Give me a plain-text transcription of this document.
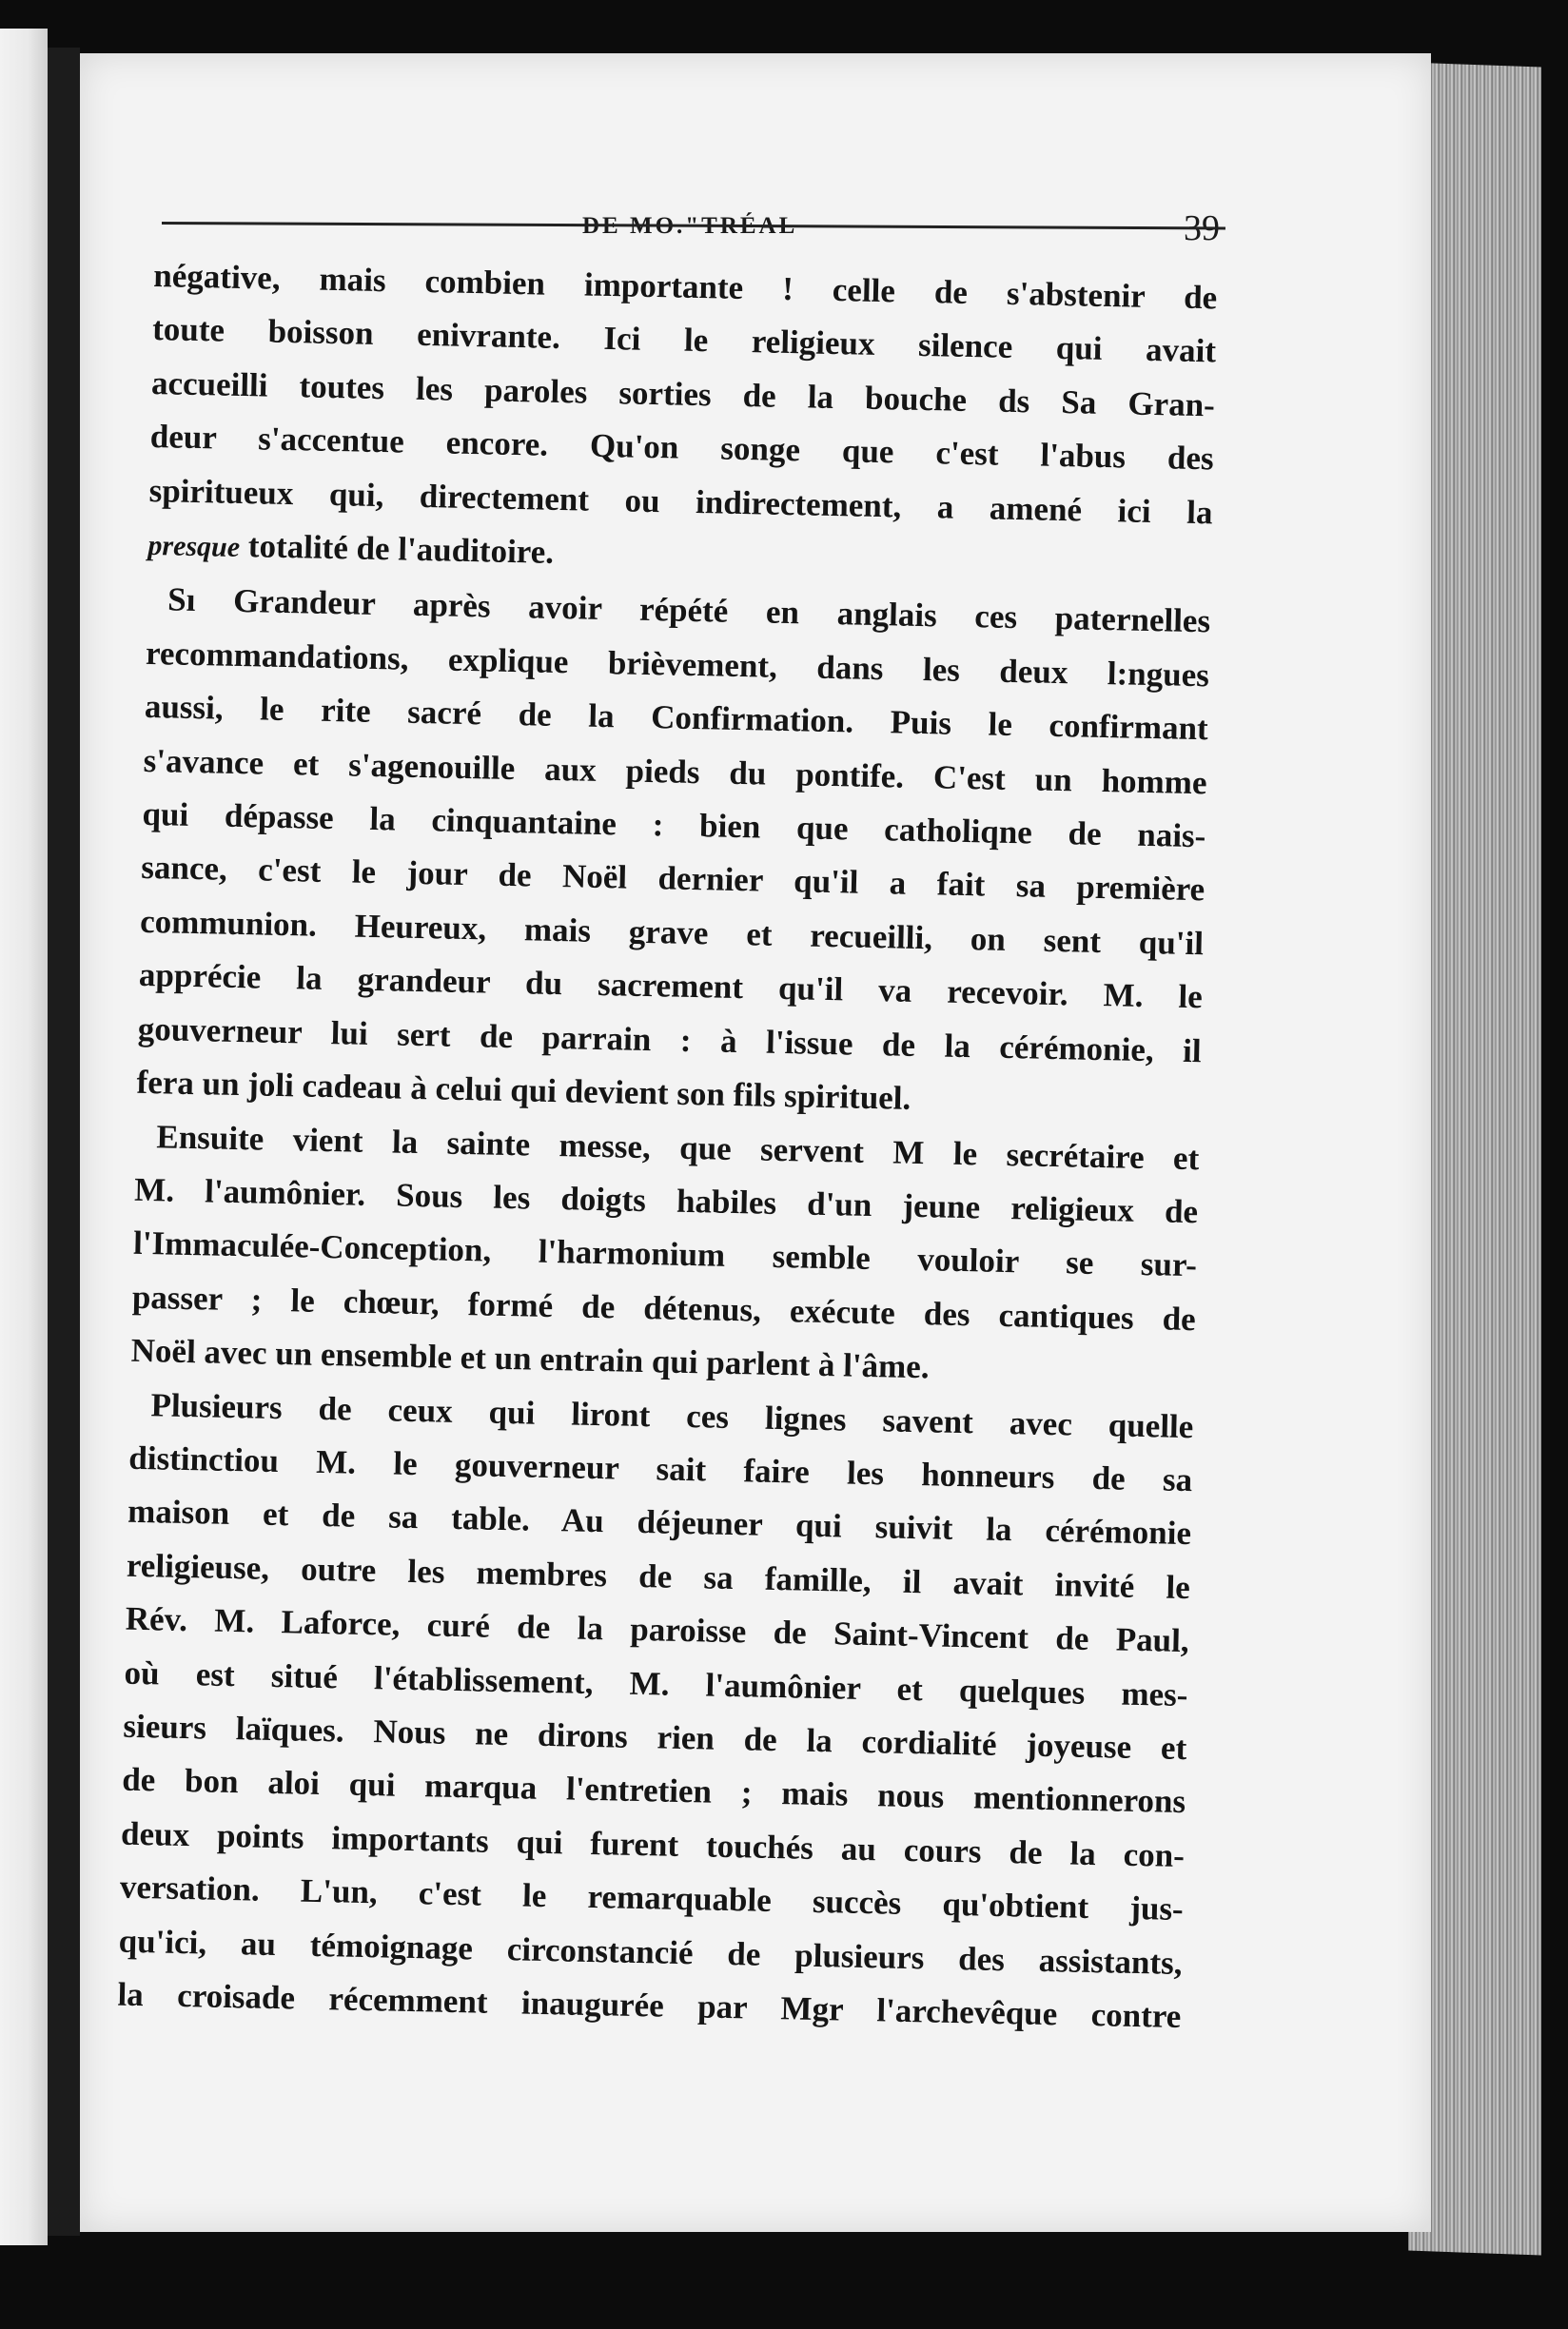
39
négative, mais combien importante ! celle de s'abstenir de
toute boisson enivrante. Ici le religieux silence qui avait
accueilli toutes les paroles sorties de la bouche ds Sa Gran-
deur s'accentue encore. Qu'on songe que c'est l'abus des
spiritueux qui, directement ou indirectement, a amené ici la
presque totalité de l'auditoire.
Sı Grandeur après avoir répété en anglais ces paternelles
recommandations, explique brièvement, dans les deux l:ngues
aussi, le rite sacré de la Confirmation. Puis le confirmant
s'avance et s'agenouille aux pieds du pontife. C'est un homme
qui dépasse la cinquantaine : bien que catholiqne de nais-
sance, c'est le jour de Noël dernier qu'il a fait sa première
communion. Heureux, mais grave et recueilli, on sent qu'il
apprécie la grandeur du sacrement qu'il va recevoir. M. le
gouverneur lui sert de parrain : à l'issue de la cérémonie, il
fera un joli cadeau à celui qui devient son fils spirituel.
Ensuite vient la sainte messe, que servent M le secrétaire et
M. l'aumônier. Sous les doigts habiles d'un jeune religieux de
l'Immaculée-Conception, l'harmonium semble vouloir se sur-
passer ; le chœur, formé de détenus, exécute des cantiques de
Noël avec un ensemble et un entrain qui parlent à l'âme.
Plusieurs de ceux qui liront ces lignes savent avec quelle
distinctiou M. le gouverneur sait faire les honneurs de sa
maison et de sa table. Au déjeuner qui suivit la cérémonie
religieuse, outre les membres de sa famille, il avait invité le
Rév. M. Laforce, curé de la paroisse de Saint-Vincent de Paul,
où est situé l'établissement, M. l'aumônier et quelques mes-
sieurs laïques. Nous ne dirons rien de la cordialité joyeuse et
de bon aloi qui marqua l'entretien ; mais nous mentionnerons
deux points importants qui furent touchés au cours de la con-
versation. L'un, c'est le remarquable succès qu'obtient jus-
qu'ici, au témoignage circonstancié de plusieurs des assistants,
la croisade récemment inaugurée par Mgr l'archevêque contre
